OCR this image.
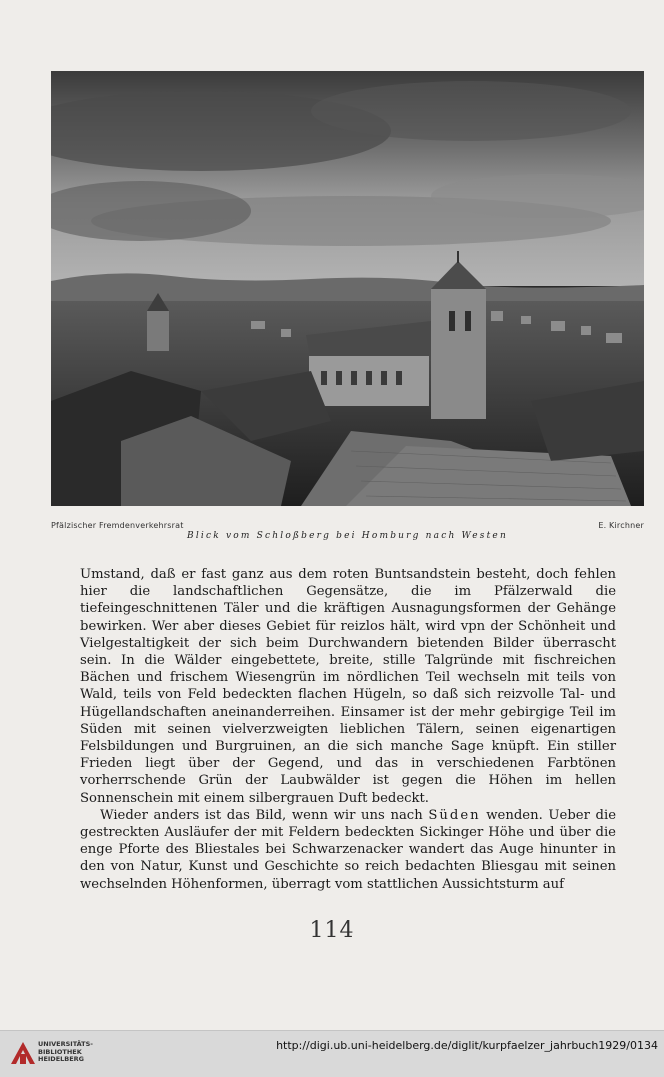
Pfälzischer Fremdenverkehrsrat	E. Kirchner
Blick vom Schloßberg bei Homburg nach Westen

Umstand, daß er fast ganz aus dem roten Buntsandstein besteht, doch fehlen hier die landschaftlichen Gegensätze, die im Pfälzerwald die tiefeingeschnittenen Täler und die kräftigen Ausnagungsformen der Gehänge bewirken. Wer aber dieses Gebiet für reizlos hält, wird vpn der Schönheit und Vielgestaltigkeit der sich beim Durchwandern bietenden Bilder überrascht sein. In die Wälder eingebettete, breite, stille Talgründe mit fischreichen Bächen und frischem Wiesengrün im nördlichen Teil wechseln mit teils von Wald, teils von Feld bedeckten flachen Hügeln, so daß sich reizvolle Tal- und Hügellandschaften aneinanderreihen. Einsamer ist der mehr gebirgige Teil im Süden mit seinen vielverzweigten lieblichen Tälern, seinen eigenartigen Felsbildungen und Burgruinen, an die sich manche Sage knüpft. Ein stiller Frieden liegt über der Gegend, und das in verschiedenen Farbtönen vorherrschende Grün der Laubwälder ist gegen die Höhen im hellen Sonnenschein mit einem silbergrauen Duft bedeckt.

Wieder anders ist das Bild, wenn wir uns nach Süden wenden. Ueber die gestreckten Ausläufer der mit Feldern bedeckten Sickinger Höhe und über die enge Pforte des Bliestales bei Schwarzenacker wandert das Auge hinunter in den von Natur, Kunst und Geschichte so reich bedachten Bliesgau mit seinen wechselnden Höhenformen, überragt vom stattlichen Aussichtsturm auf

114
UNIVERSITÄTS-
BIBLIOTHEK
HEIDELBERG
http://digi.ub.uni-heidelberg.de/diglit/kurpfaelzer_jahrbuch1929/0134
